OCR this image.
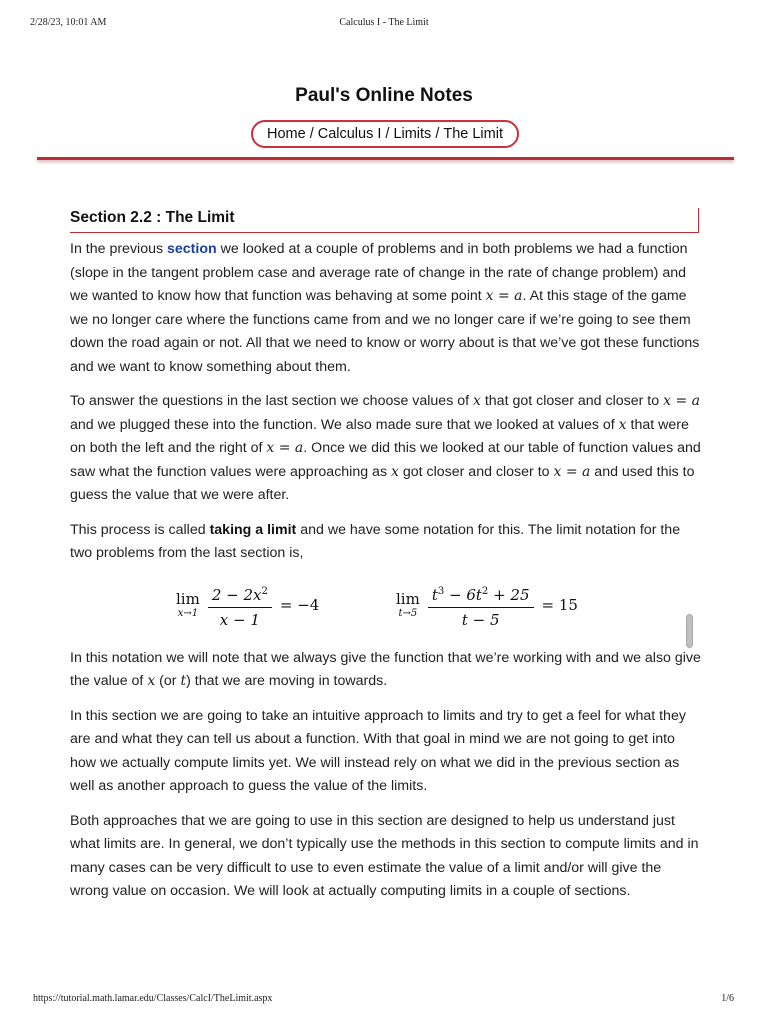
2/28/23, 10:01 AM	Calculus I - The Limit
Paul's Online Notes
Home / Calculus I / Limits / The Limit
Section 2.2 : The Limit

In the previous section we looked at a couple of problems and in both problems we had a function (slope in the tangent problem case and average rate of change in the rate of change problem) and we wanted to know how that function was behaving at some point x = a. At this stage of the game we no longer care where the functions came from and we no longer care if we’re going to see them down the road again or not. All that we need to know or worry about is that we’ve got these functions and we want to know something about them.

To answer the questions in the last section we choose values of x that got closer and closer to x = a and we plugged these into the function. We also made sure that we looked at values of x that were on both the left and the right of x = a. Once we did this we looked at our table of function values and saw what the function values were approaching as x got closer and closer to x = a and used this to guess the value that we were after.

This process is called taking a limit and we have some notation for this. The limit notation for the two problems from the last section is,

lim
$x\to 1 \frac{2 - 2x^2}{x - 1} = -4$	lim
$t\to 5 \frac{t^3 - 6t^2 + 25}{t - 5} = 15$

In this notation we will note that we always give the function that we’re working with and we also give the value of x (or t) that we are moving in towards.

In this section we are going to take an intuitive approach to limits and try to get a feel for what they are and what they can tell us about a function. With that goal in mind we are not going to get into how we actually compute limits yet. We will instead rely on what we did in the previous section as well as another approach to guess the value of the limits.

Both approaches that we are going to use in this section are designed to help us understand just what limits are. In general, we don’t typically use the methods in this section to compute limits and in many cases can be very difficult to use to even estimate the value of a limit and/or will give the wrong value on occasion. We will look at actually computing limits in a couple of sections.

https://tutorial.math.lamar.edu/Classes/CalcI/TheLimit.aspx	1/6
